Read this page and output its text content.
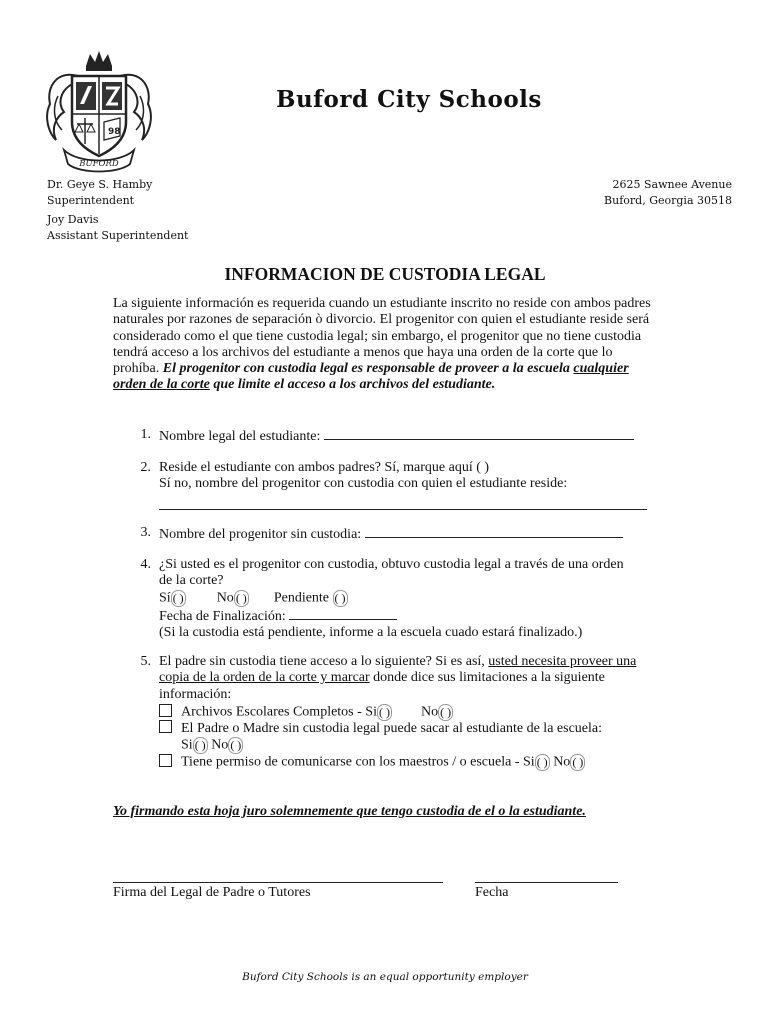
98
BUFORD
Buford City Schools
Dr. Geye S. Hamby
Superintendent
Joy Davis
Assistant Superintendent
2625 Sawnee Avenue
Buford, Georgia 30518
INFORMACION DE CUSTODIA LEGAL
La siguiente información es requerida cuando un estudiante inscrito no reside con ambos padres naturales por razones de separación ò divorcio. El progenitor con quien el estudiante reside será considerado como el que tiene custodia legal; sin embargo, el progenitor que no tiene custodia tendrá acceso a los archivos del estudiante a menos que haya una orden de la corte que lo prohíba. El progenitor con custodia legal es responsable de proveer a la escuela cualquier orden de la corte que limite el acceso a los archivos del estudiante.
1. Nombre legal del estudiante:
2. Reside el estudiante con ambos padres? Sí, marque aquí ( )
Sí no, nombre del progenitor con custodia con quien el estudiante reside:
3. Nombre del progenitor sin custodia:
4. ¿Si usted es el progenitor con custodia, obtuvo custodia legal a través de una orden de la corte?
Sí ( ) No ( ) Pendiente ( )
Fecha de Finalización:
(Si la custodia está pendiente, informe a la escuela cuado estará finalizado.)
5. El padre sin custodia tiene acceso a lo siguiente? Si es así, usted necesita proveer una copia de la orden de la corte y marcar donde dice sus limitaciones a la siguiente información:
Archivos Escolares Completos - Si ( ) No ( )
El Padre o Madre sin custodia legal puede sacar al estudiante de la escuela:
Si ( ) No ( )
Tiene permiso de comunicarse con los maestros / o escuela - Si ( ) No ( )
Yo firmando esta hoja juro solemnemente que tengo custodia de el o la estudiante.
Firma del Legal de Padre o Tutores	Fecha
Buford City Schools is an equal opportunity employer
